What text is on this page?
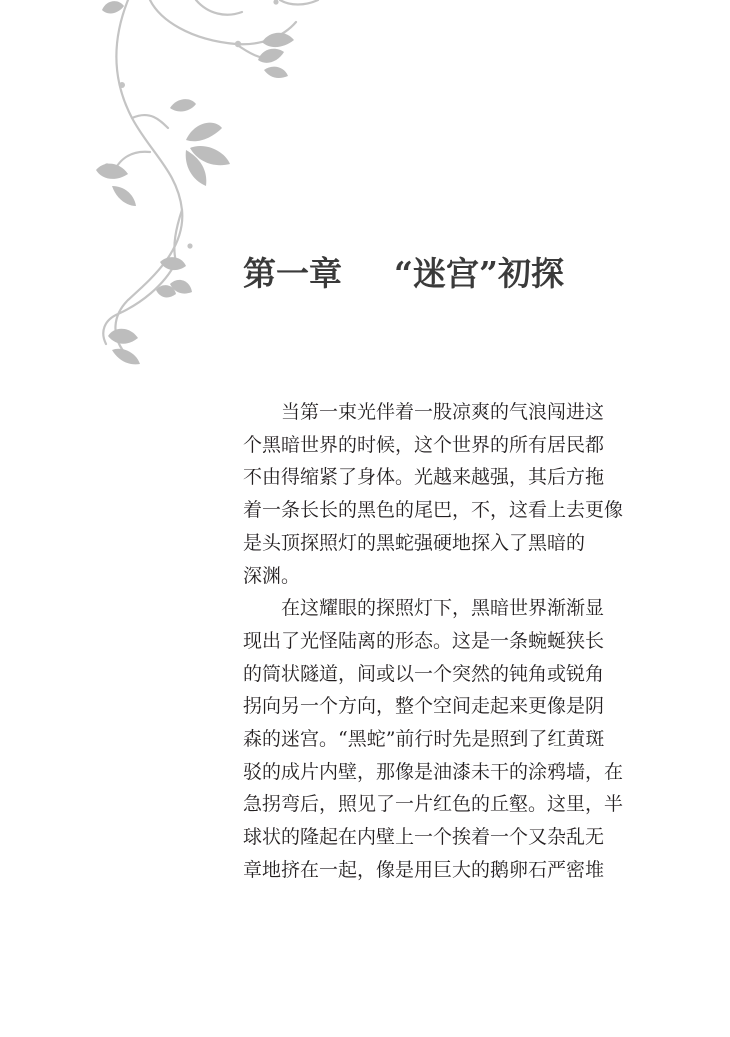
第一章 “迷宫”初探

当第一束光伴着一股凉爽的气浪闯进这
个黑暗世界的时候，这个世界的所有居民都
不由得缩紧了身体。光越来越强，其后方拖
着一条长长的黑色的尾巴，不，这看上去更像
是头顶探照灯的黑蛇强硬地探入了黑暗的
深渊。

在这耀眼的探照灯下，黑暗世界渐渐显
现出了光怪陆离的形态。这是一条蜿蜒狭长
的筒状隧道，间或以一个突然的钝角或锐角
拐向另一个方向，整个空间走起来更像是阴
森的迷宫。“黑蛇”前行时先是照到了红黄斑
驳的成片内壁，那像是油漆未干的涂鸦墙，在
急拐弯后，照见了一片红色的丘壑。这里，半
球状的隆起在内壁上一个挨着一个又杂乱无
章地挤在一起，像是用巨大的鹅卵石严密堆
